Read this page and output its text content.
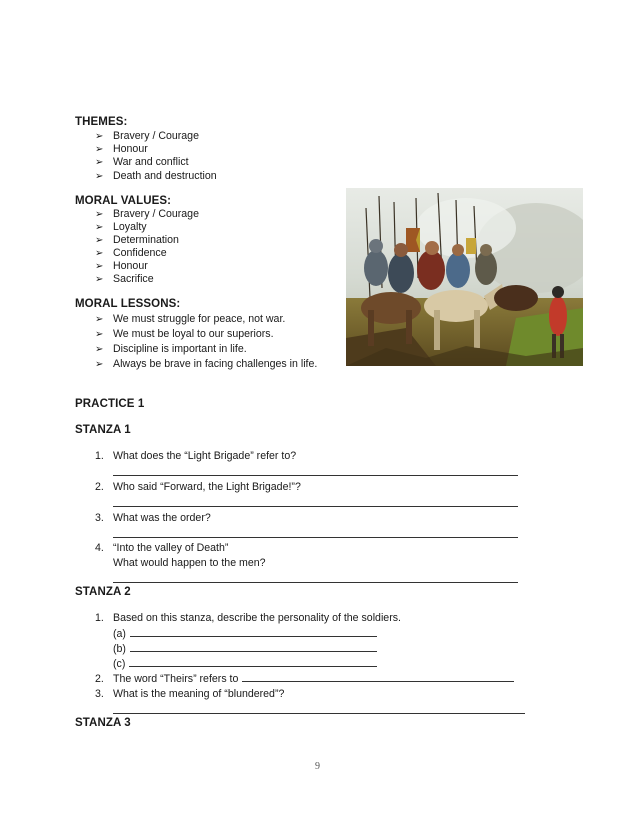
THEMES:
➢ Bravery / Courage
➢ Honour
➢ War and conflict
➢ Death and destruction
MORAL VALUES:
➢ Bravery / Courage
➢ Loyalty
➢ Determination
➢ Confidence
➢ Honour
➢ Sacrifice
MORAL LESSONS:
➢ We must struggle for peace, not war.
➢ We must be loyal to our superiors.
➢ Discipline is important in life.
➢ Always be brave in facing challenges in life.
PRACTICE 1
STANZA 1
1. What does the “Light Brigade” refer to?
2. Who said “Forward, the Light Brigade!”?
3. What was the order?
4. “Into the valley of Death”
What would happen to the men?
STANZA 2
1. Based on this stanza, describe the personality of the soldiers.
(a)
(b)
(c)
2. The word “Theirs” refers to
3. What is the meaning of “blundered”?
STANZA 3
9
